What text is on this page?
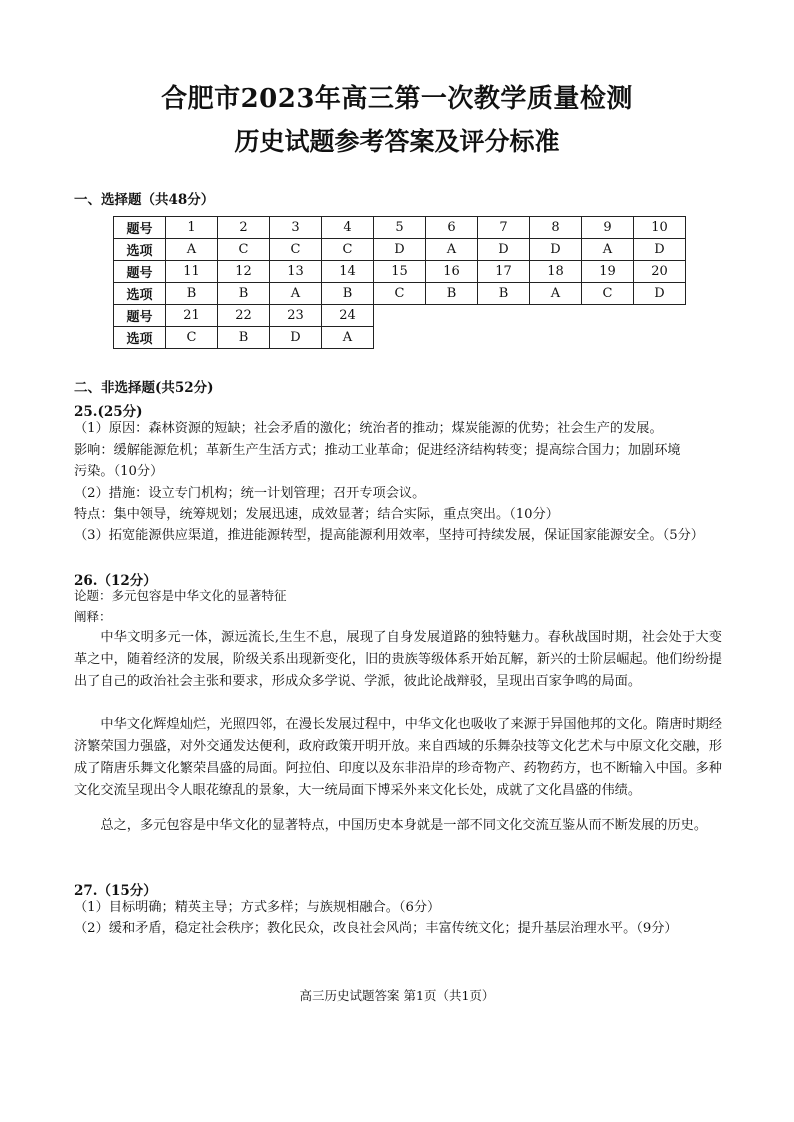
合肥市2023年高三第一次教学质量检测
历史试题参考答案及评分标准
一、选择题（共48分）
题号	1	2	3	4	5	6	7	8	9	10
选项	A	C	C	C	D	A	D	D	A	D
题号	11	12	13	14	15	16	17	18	19	20
选项	B	B	A	B	C	B	B	A	C	D
题号	21	22	23	24						
选项	C	B	D	A						
二、非选择题(共52分)
25.(25分)
（1）原因：森林资源的短缺；社会矛盾的激化；统治者的推动；煤炭能源的优势；社会生产的发展。
影响：缓解能源危机；革新生产生活方式；推动工业革命；促进经济结构转变；提高综合国力；加剧环境
污染。（10分）
（2）措施：设立专门机构；统一计划管理；召开专项会议。
特点：集中领导，统筹规划；发展迅速，成效显著；结合实际，重点突出。（10分）
（3）拓宽能源供应渠道，推进能源转型，提高能源利用效率，坚持可持续发展，保证国家能源安全。（5分）
26.（12分）
论题：多元包容是中华文化的显著特征
阐释：
中华文明多元一体，源远流长,生生不息，展现了自身发展道路的独特魅力。春秋战国时期，社会处于大变革之中，随着经济的发展，阶级关系出现新变化，旧的贵族等级体系开始瓦解，新兴的士阶层崛起。他们纷纷提出了自己的政治社会主张和要求，形成众多学说、学派，彼此论战辩驳，呈现出百家争鸣的局面。
中华文化辉煌灿烂，光照四邻，在漫长发展过程中，中华文化也吸收了来源于异国他邦的文化。隋唐时期经济繁荣国力强盛，对外交通发达便利，政府政策开明开放。来自西域的乐舞杂技等文化艺术与中原文化交融，形成了隋唐乐舞文化繁荣昌盛的局面。阿拉伯、印度以及东非沿岸的珍奇物产、药物药方，也不断输入中国。多种文化交流呈现出令人眼花缭乱的景象，大一统局面下博采外来文化长处，成就了文化昌盛的伟绩。
总之，多元包容是中华文化的显著特点，中国历史本身就是一部不同文化交流互鉴从而不断发展的历史。
27.（15分）
（1）目标明确；精英主导；方式多样；与族规相融合。（6分）
（2）缓和矛盾，稳定社会秩序；教化民众，改良社会风尚；丰富传统文化；提升基层治理水平。（9分）
高三历史试题答案 第1页（共1页）
